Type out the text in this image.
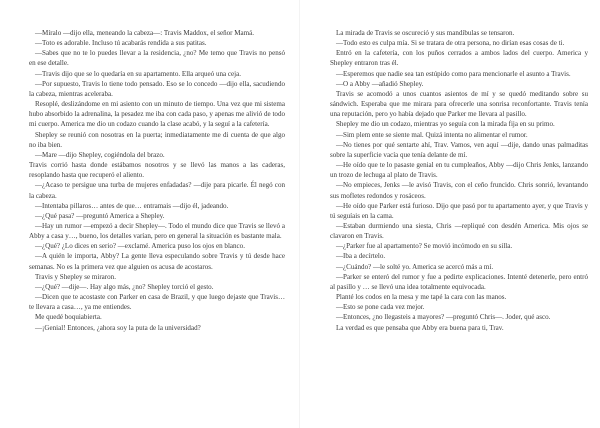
—Míralo —dijo ella, meneando la cabeza—: Travis Maddox, el señor Mamá.

—Toto es adorable. Incluso tú acabarás rendida a sus patitas.

—Sabes que no te lo puedes llevar a la residencia, ¿no? Me temo que Travis no pensó en ese detalle.

—Travis dijo que se lo quedaría en su apartamento. Ella arqueó una ceja.

—Por supuesto, Travis lo tiene todo pensado. Eso se lo concedo —dijo ella, sacudiendo la cabeza, mientras aceleraba.

Resoplé, deslizándome en mi asiento con un minuto de tiempo. Una vez que mi sistema hubo absorbido la adrenalina, la pesadez me iba con cada paso, y apenas me alivió de todo mi cuerpo. America me dio un codazo cuando la clase acabó, y la seguí a la cafetería.

Shepley se reunió con nosotras en la puerta; inmediatamente me di cuenta de que algo no iba bien.

—Mare —dijo Shepley, cogiéndola del brazo.

Travis corrió hasta donde estábamos nosotros y se llevó las manos a las caderas, resoplando hasta que recuperó el aliento.

—¿Acaso te persigue una turba de mujeres enfadadas? —dije para picarle. Él negó con la cabeza.

—Intentaba pillaros… antes de que… entramais —dijo él, jadeando.

—¿Qué pasa? —preguntó America a Shepley.

—Hay un rumor —empezó a decir Shepley—. Todo el mundo dice que Travis se llevó a Abby a casa y…, bueno, los detalles varían, pero en general la situación es bastante mala.

—¿Qué? ¿Lo dices en serio? —exclamé. America puso los ojos en blanco.

—A quién le importa, Abby? La gente lleva especulando sobre Travis y tú desde hace semanas. No es la primera vez que alguien os acusa de acostaros.

Travis y Shepley se miraron.

—¿Qué? —dije—. Hay algo más, ¿no? Shepley torció el gesto.

—Dicen que te acostaste con Parker en casa de Brazil, y que luego dejaste que Travis… te llevara a casa…, ya me entiendes.

Me quedé boquiabierta.

—¡Genial! Entonces, ¿ahora soy la puta de la universidad?

La mirada de Travis se oscureció y sus mandíbulas se tensaron.

—Todo esto es culpa mía. Si se tratara de otra persona, no dirían esas cosas de ti.

Entró en la cafetería, con los puños cerrados a ambos lados del cuerpo. America y Shepley entraron tras él.

—Esperemos que nadie sea tan estúpido como para mencionarle el asunto a Travis.

—O a Abby —añadió Shepley.

Travis se acomodó a unos cuantos asientos de mí y se quedó meditando sobre su sándwich. Esperaba que me mirara para ofrecerle una sonrisa reconfortante. Travis tenía una reputación, pero yo había dejado que Parker me llevara al pasillo.

Shepley me dio un codazo, mientras yo seguía con la mirada fija en su primo.

—Sim plem ente se siente mal. Quizá intenta no alimentar el rumor.

—No tienes por qué sentarte ahí, Trav. Vamos, ven aquí —dije, dando unas palmaditas sobre la superficie vacía que tenía delante de mí.

—He oído que te lo pasaste genial en tu cumpleaños, Abby —dijo Chris Jenks, lanzando un trozo de lechuga al plato de Travis.

—No empieces, Jenks —le avisó Travis, con el ceño fruncido. Chris sonrió, levantando sus mofletes redondos y rosáceos.

—He oído que Parker está furioso. Dijo que pasó por tu apartamento ayer, y que Travis y tú seguíais en la cama.

—Estaban durmiendo una siesta, Chris —repliqué con desdén America. Mis ojos se clavaron en Travis.

—¿Parker fue al apartamento? Se movió incómodo en su silla.

—Iba a decírtelo.

—¿Cuándo? —le solté yo. America se acercó más a mí.

—Parker se enteró del rumor y fue a pedirte explicaciones. Intenté detenerle, pero entró al pasillo y … se llevó una idea totalmente equivocada.

Planté los codos en la mesa y me tapé la cara con las manos.

—Esto se pone cada vez mejor.

—Entonces, ¿no llegasteis a mayores? —preguntó Chris—. Joder, qué asco.

La verdad es que pensaba que Abby era buena para ti, Trav.
